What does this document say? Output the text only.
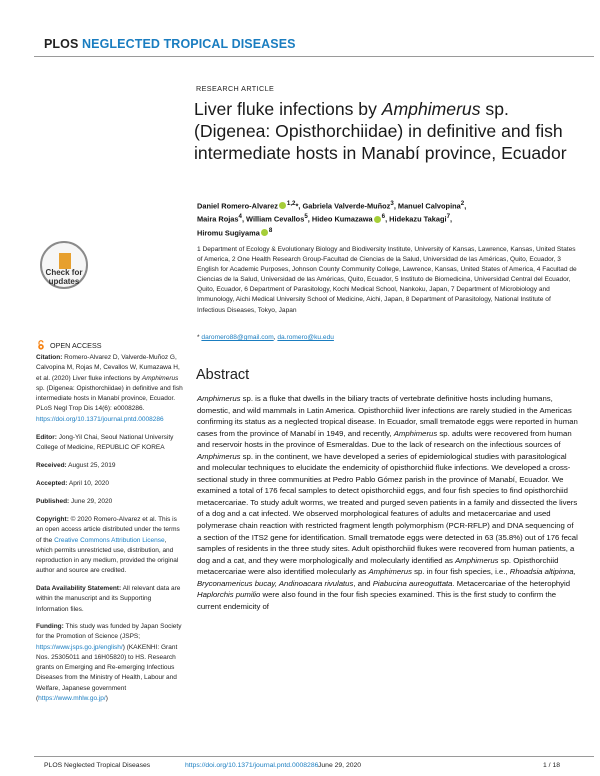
PLOS NEGLECTED TROPICAL DISEASES
Check for
updates
OPEN ACCESS
Citation: Romero-Alvarez D, Valverde-Muñoz G, Calvopina M, Rojas M, Cevallos W, Kumazawa H, et al. (2020) Liver fluke infections by Amphimerus sp. (Digenea: Opisthorchiidae) in definitive and fish intermediate hosts in Manabí province, Ecuador. PLoS Negl Trop Dis 14(6): e0008286. https://doi.org/10.1371/journal.pntd.0008286
Editor: Jong-Yil Chai, Seoul National University College of Medicine, REPUBLIC OF KOREA
Received: August 25, 2019
Accepted: April 10, 2020
Published: June 29, 2020
Copyright: © 2020 Romero-Alvarez et al. This is an open access article distributed under the terms of the Creative Commons Attribution License, which permits unrestricted use, distribution, and reproduction in any medium, provided the original author and source are credited.
Data Availability Statement: All relevant data are within the manuscript and its Supporting Information files.
Funding: This study was funded by Japan Society for the Promotion of Science (JSPS; https://www.jsps.go.jp/english/) (KAKENHI: Grant Nos. 25305011 and 16H05820) to HS. Research grants on Emerging and Re-emerging Infectious Diseases from the Ministry of Health, Labour and Welfare, Japanese government (https://www.mhlw.go.jp/)
RESEARCH ARTICLE
Liver fluke infections by Amphimerus sp. (Digenea: Opisthorchiidae) in definitive and fish intermediate hosts in Manabí province, Ecuador
Daniel Romero-Alvarez $^{1,2}$*, Gabriela Valverde-Muñoz$^3$, Manuel Calvopina$^2$,
Maira Rojas$^4$, William Cevallos$^5$, Hideo Kumazawa $^6$, Hidekazu Takagi$^7$,
Hiromu Sugiyama $^8$
1 Department of Ecology & Evolutionary Biology and Biodiversity Institute, University of Kansas, Lawrence, Kansas, United States of America, 2 One Health Research Group-Facultad de Ciencias de la Salud, Universidad de las Américas, Quito, Ecuador, 3 English for Academic Purposes, Johnson County Community College, Lawrence, Kansas, United States of America, 4 Facultad de Ciencias de la Salud, Universidad de las Américas, Quito, Ecuador, 5 Instituto de Biomedicina, Universidad Central del Ecuador, Quito, Ecuador, 6 Department of Parasitology, Kochi Medical School, Nankoku, Japan, 7 Department of Microbiology and Immunology, Aichi Medical University School of Medicine, Aichi, Japan, 8 Department of Parasitology, National Institute of Infectious Diseases, Tokyo, Japan
* daromero88@gmail.com, da.romero@ku.edu
Abstract
Amphimerus sp. is a fluke that dwells in the biliary tracts of vertebrate definitive hosts including humans, domestic, and wild mammals in Latin America. Opisthorchiid liver infections are rarely studied in the Americas confirming its status as a neglected tropical disease. In Ecuador, small trematode eggs were reported in human cases from the province of Manabí in 1949, and recently, Amphimerus sp. adults were recovered from human and reservoir hosts in the province of Esmeraldas. Due to the lack of research on the infectious sources of Amphimerus sp. in the continent, we have developed a series of epidemiological studies with parasitological and molecular techniques to elucidate the endemicity of opisthorchiid fluke infections. We developed a cross-sectional study in three communities at Pedro Pablo Gómez parish in the province of Manabí, Ecuador. We examined a total of 176 fecal samples to detect opisthorchiid eggs, and four fish species to find opisthorchiid metacercariae. To study adult worms, we treated and purged seven patients in a family and dissected the livers of a dog and a cat infected. We observed morphological features of adults and metacercariae and used polymerase chain reaction with restricted fragment length polymorphism (PCR-RFLP) and DNA sequencing of a section of the ITS2 gene for identification. Small trematode eggs were detected in 63 (35.8%) out of 176 fecal samples of residents in the three study sites. Adult opisthorchiid flukes were recovered from human patients, a dog and a cat, and they were morphologically and molecularly identified as Amphimerus sp. Opisthorchiid metacercariae were also identified molecularly as Amphimerus sp. in four fish species, i.e., Rhoadsia altipinna, Bryconamericus bucay, Andinoacara rivulatus, and Piabucina aureoguttata. Metacercariae of the heterophyid Haplorchis pumilio were also found in the four fish species examined. This is the first study to confirm the current endemicity of
PLOS Neglected Tropical Diseases	https://doi.org/10.1371/journal.pntd.0008286 June 29, 2020	1 / 18
